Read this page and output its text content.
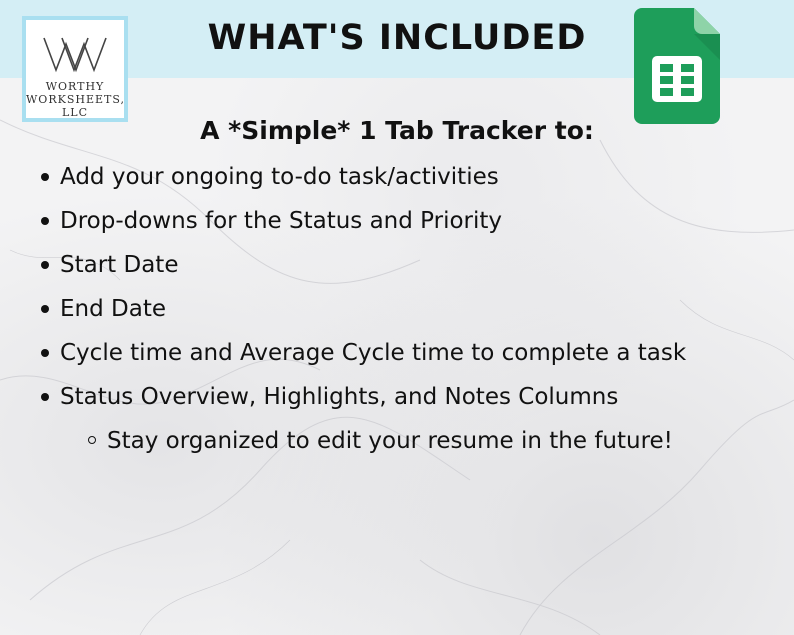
WHAT'S INCLUDED
WORTHY
WORKSHEETS,
LLC
A *Simple* 1 Tab Tracker to:
Add your ongoing to-do task/activities
Drop-downs for the Status and Priority
Start Date
End Date
Cycle time and Average Cycle time to complete a task
Status Overview, Highlights, and Notes Columns
Stay organized to edit your resume in the future!
